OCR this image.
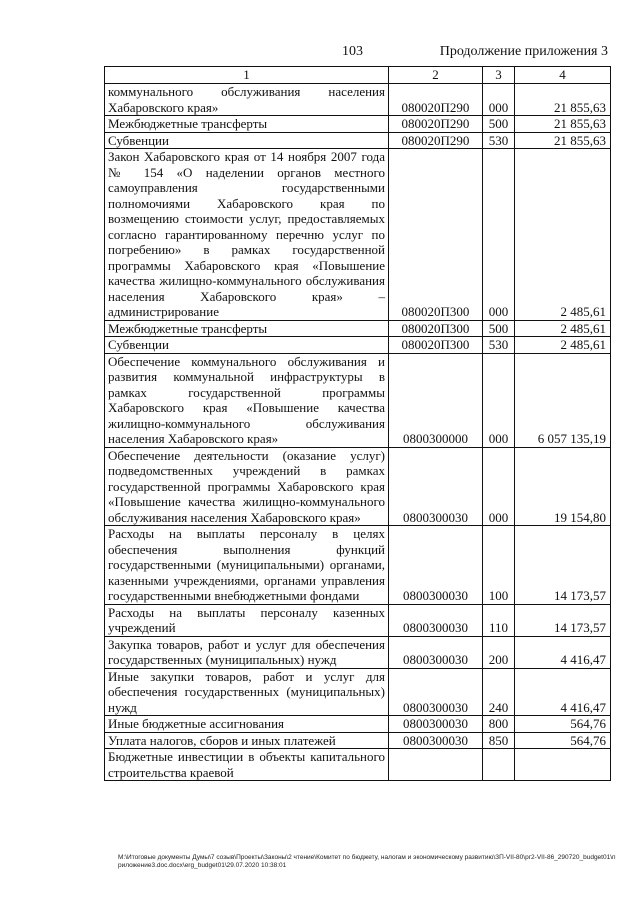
103	Продолжение приложения 3
1	2	3	4
коммунального обслуживания населения Хабаровского края»	080020П290	000	21 855,63
Межбюджетные трансферты	080020П290	500	21 855,63
Субвенции	080020П290	530	21 855,63
Закон Хабаровского края от 14 ноября 2007 года № 154 «О наделении органов местного самоуправления государственными полномочиями Хабаровского края по возмещению стоимости услуг, предоставляемых согласно гарантированному перечню услуг по погребению» в рамках государственной программы Хабаровского края «Повышение качества жилищно-коммунального обслуживания населения Хабаровского края» – администрирование	080020П300	000	2 485,61
Межбюджетные трансферты	080020П300	500	2 485,61
Субвенции	080020П300	530	2 485,61
Обеспечение коммунального обслуживания и развития коммунальной инфраструктуры в рамках государственной программы Хабаровского края «Повышение качества жилищно-коммунального обслуживания населения Хабаровского края»	0800300000	000	6 057 135,19
Обеспечение деятельности (оказание услуг) подведомственных учреждений в рамках государственной программы Хабаровского края «Повышение качества жилищно-коммунального обслуживания населения Хабаровского края»	0800300030	000	19 154,80
Расходы на выплаты персоналу в целях обеспечения выполнения функций государственными (муниципальными) органами, казенными учреждениями, органами управления государственными внебюджетными фондами	0800300030	100	14 173,57
Расходы на выплаты персоналу казенных учреждений	0800300030	110	14 173,57
Закупка товаров, работ и услуг для обеспечения государственных (муниципальных) нужд	0800300030	200	4 416,47
Иные закупки товаров, работ и услуг для обеспечения государственных (муниципальных) нужд	0800300030	240	4 416,47
Иные бюджетные ассигнования	0800300030	800	564,76
Уплата налогов, сборов и иных платежей	0800300030	850	564,76
Бюджетные инвестиции в объекты капитального строительства краевой			
M:\Итоговые документы Думы\7 созыв\Проекты\Законы\2 чтение\Комитет по бюджету, налогам и экономическому развитию\ЗП-VII-80\рг2-VII-86_290720_budget01\приложение3.doc.docx\erg_budget01\29.07.2020 10:38:01
